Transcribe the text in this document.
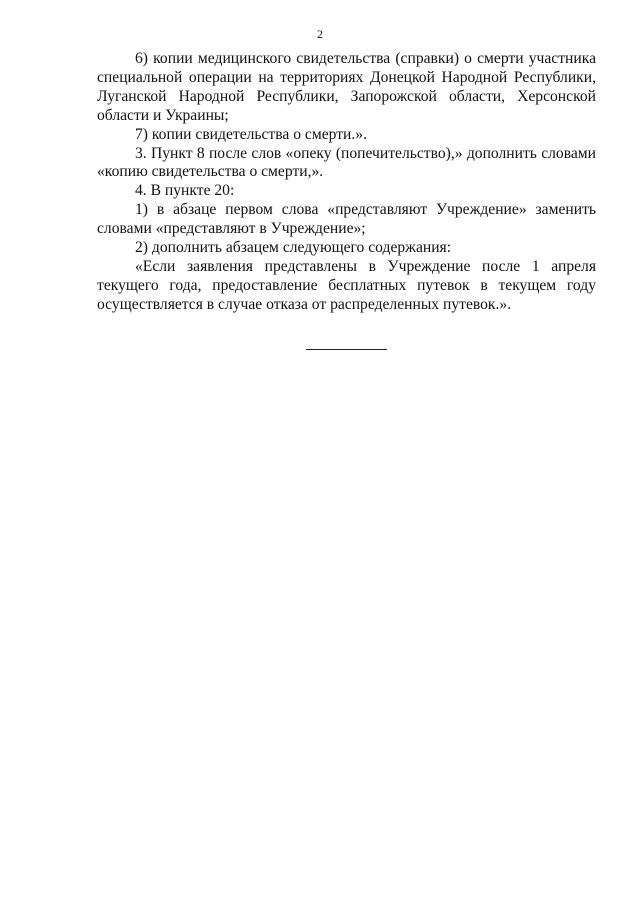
2

6) копии медицинского свидетельства (справки) о смерти участника специальной операции на территориях Донецкой Народной Республики, Луганской Народной Республики, Запорожской области, Херсонской области и Украины;

7) копии свидетельства о смерти.».

3. Пункт 8 после слов «опеку (попечительство),» дополнить словами «копию свидетельства о смерти,».

4. В пункте 20:

1) в абзаце первом слова «представляют Учреждение» заменить словами «представляют в Учреждение»;

2) дополнить абзацем следующего содержания:

«Если заявления представлены в Учреждение после 1 апреля текущего года, предоставление бесплатных путевок в текущем году осуществляется в случае отказа от распределенных путевок.».
